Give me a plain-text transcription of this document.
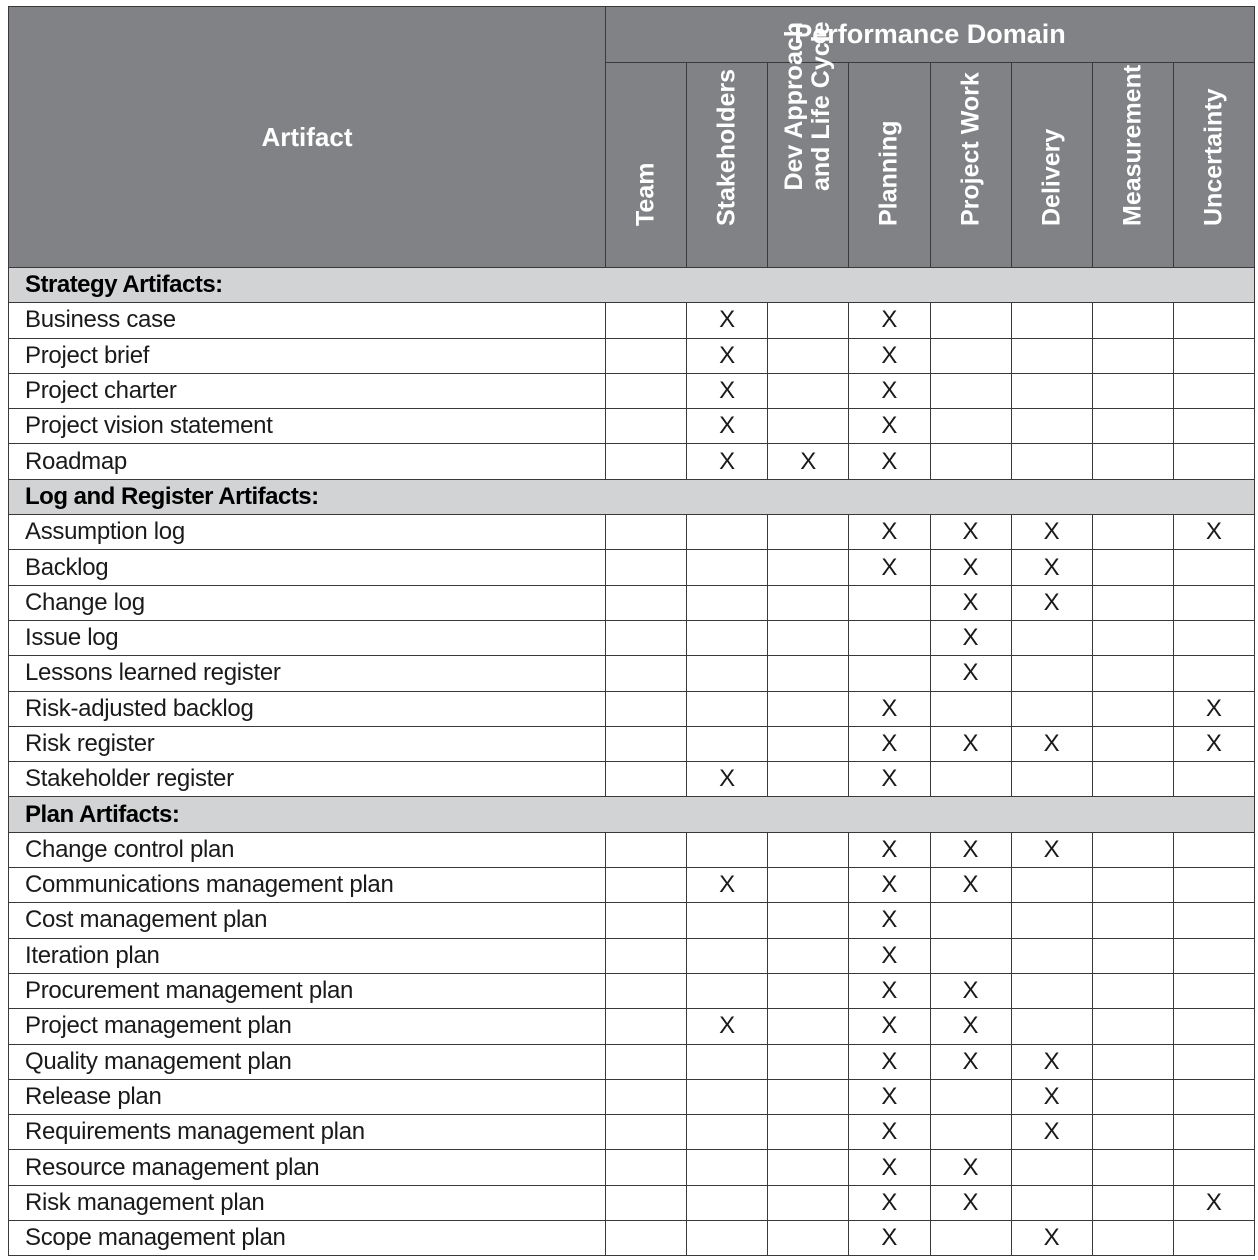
Artifact	Performance Domain							

	Team	Stakeholders	Dev Approach
and Life Cycle	Planning	Project Work	Delivery	Measurement	Uncertainty

Strategy Artifacts:								
Business case		X		X				
Project brief		X		X				
Project charter		X		X				
Project vision statement		X		X				
Roadmap		X	X	X				
Log and Register Artifacts:								
Assumption log				X	X	X		X
Backlog				X	X	X		
Change log					X	X		
Issue log					X			
Lessons learned register					X			
Risk-adjusted backlog				X				X
Risk register				X	X	X		X
Stakeholder register		X		X				
Plan Artifacts:								
Change control plan				X	X	X		
Communications management plan		X		X	X			
Cost management plan				X				
Iteration plan				X				
Procurement management plan				X	X			
Project management plan		X		X	X			
Quality management plan				X	X	X		
Release plan				X		X		
Requirements management plan				X		X		
Resource management plan				X	X			
Risk management plan				X	X			X
Scope management plan				X		X		
